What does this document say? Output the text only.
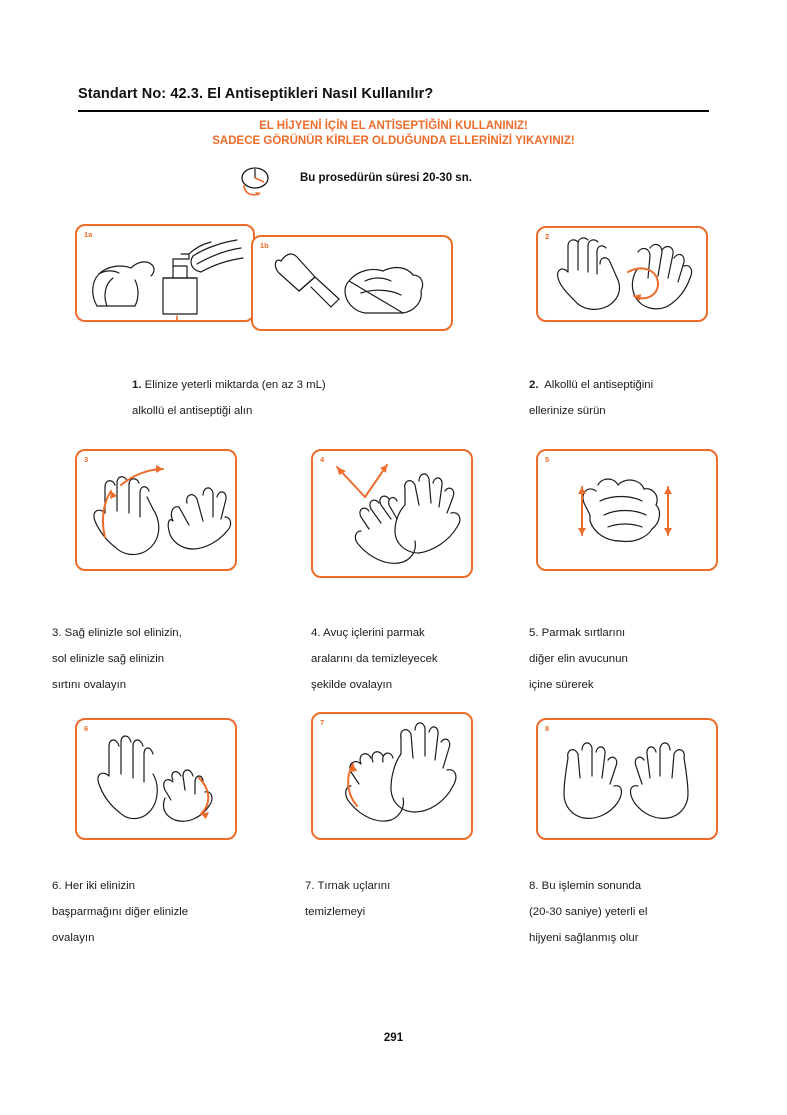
Standart No: 42.3. El Antiseptikleri Nasıl Kullanılır?
EL HİJYENİ İÇİN EL ANTİSEPTİĞİNİ KULLANINIZ!
SADECE GÖRÜNÜR KİRLER OLDUĞUNDA ELLERİNİZİ YIKAYINIZ!
Bu prosedürün süresi 20-30 sn.
1a
1b
2
1. Elinize yeterli miktarda (en az 3 mL)
alkollü el antiseptiği alın
2. Alkollü el antiseptiğini
ellerinize sürün
3	4	5
3. Sağ elinizle sol elinizin,
sol elinizle sağ elinizin
sırtını ovalayın
4. Avuç içlerini parmak
aralarını da temizleyecek
şekilde ovalayın
5. Parmak sırtlarını
diğer elin avucunun
içine sürerek
6
7
8
6. Her iki elinizin
başparmağını diğer elinizle
ovalayın
7. Tırnak uçlarını
temizlemeyi
8. Bu işlemin sonunda
(20-30 saniye) yeterli el
hijyeni sağlanmış olur
291
